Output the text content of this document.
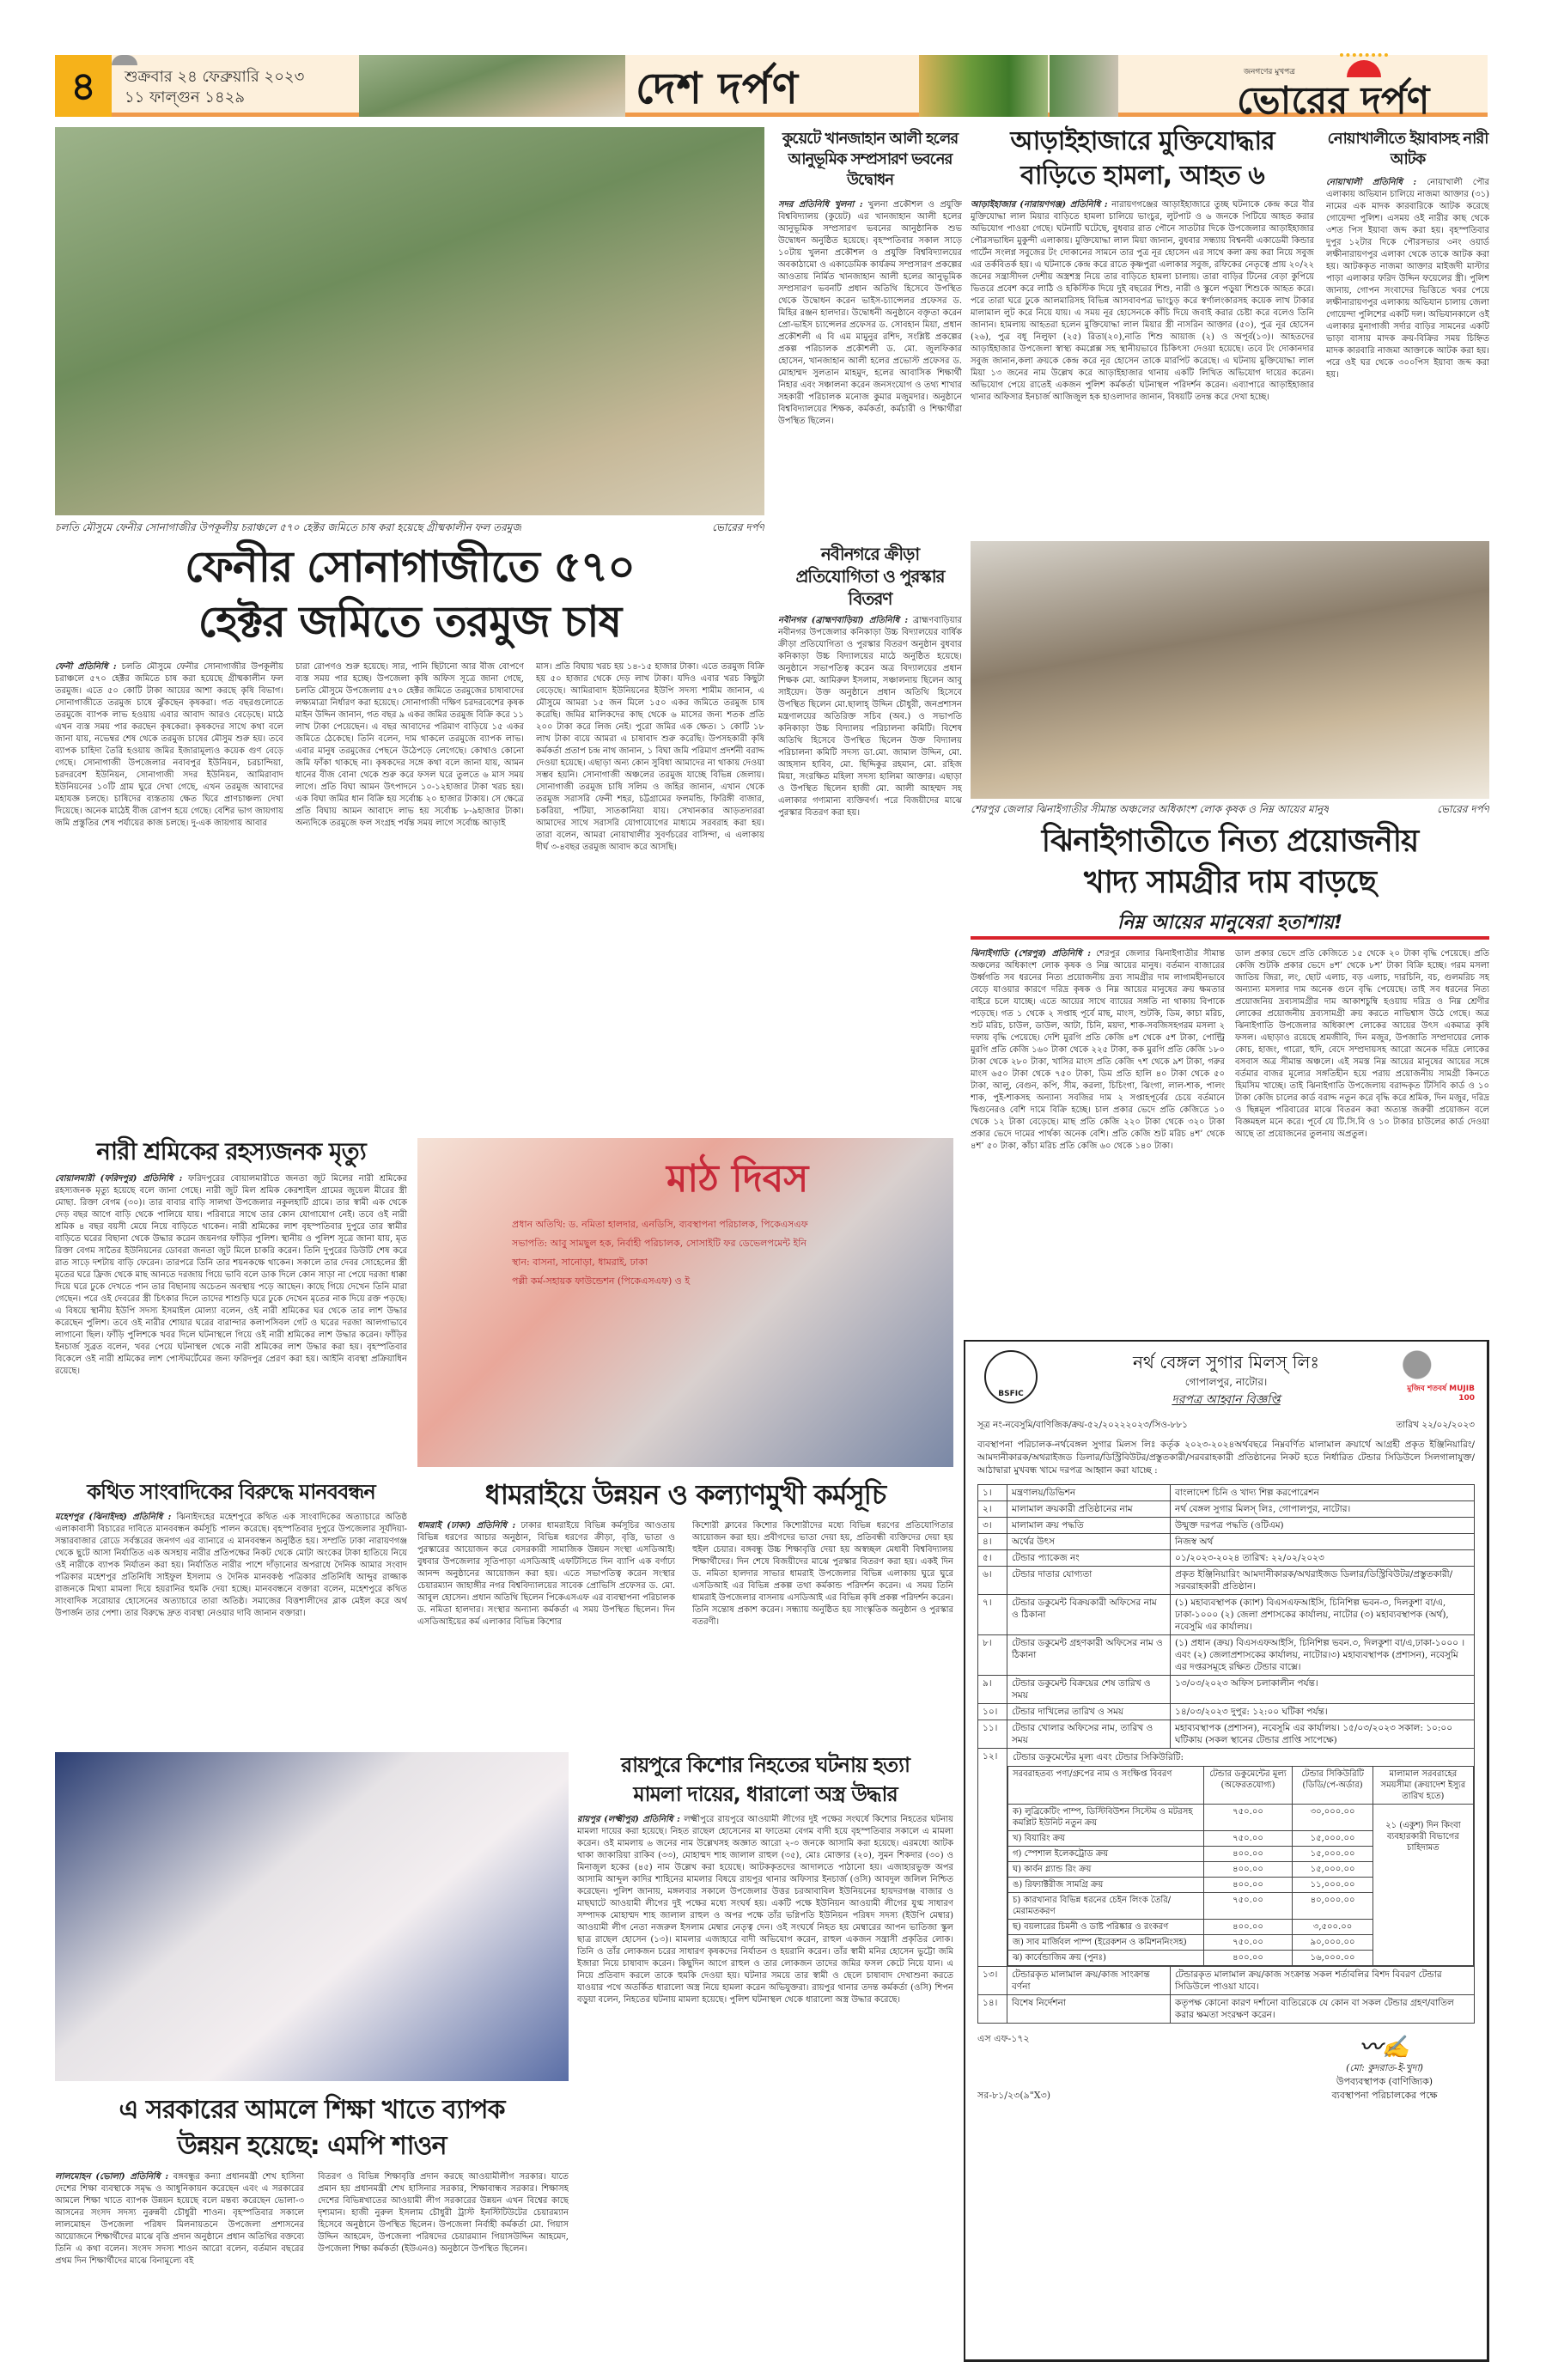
৪	শুক্রবার ২৪ ফেব্রুয়ারি ২০২৩
১১ ফাল্গুন ১৪২৯	দেশ দর্পণ	জনগণের মুখপত্র
ভোরের দর্পণ
চলতি মৌসুমে ফেনীর সোনাগাজীর উপকূলীয় চরাঞ্চলে ৫৭০ হেক্টর জমিতে চাষ করা হয়েছে গ্রীষ্মকালীন ফল তরমুজ	ভোরের দর্পণ
ফেনীর সোনাগাজীতে ৫৭০
হেক্টর জমিতে তরমুজ চাষ
ফেনী প্রতিনিধি : চলতি মৌসুমে ফেনীর সোনাগাজীর উপকূলীয় চরাঞ্চলে ৫৭০ হেক্টর জমিতে চাষ করা হয়েছে গ্রীষ্মকালীন ফল তরমুজ। এতে ৫০ কোটি টাকা আয়ের আশা করছে কৃষি বিভাগ। সোনাগাজীতে তরমুজ চাষে ঝুঁকছেন কৃষকরা। গত বছরগুলোতে তরমুজে ব্যাপক লাভ হওয়ায় এবার আবাদ আরও বেড়েছে। মাঠে এখন ব্যস্ত সময় পার করছেন কৃষকেরা। কৃষকদের সাথে কথা বলে জানা যায়, নভেম্বর শেষ থেকে তরমুজ চাষের মৌসুম শুরু হয়। তবে ব্যাপক চাহিদা তৈরি হওয়ায় জমির ইজারামূল্যও কয়েক গুণ বেড়ে গেছে। সোনাগাজী উপজেলার নবাবপুর ইউনিয়ন, চরচান্দিয়া, চরদরবেশ ইউনিয়ন, সোনাগাজী সদর ইউনিয়ন, আমিরাবাদ ইউনিয়নের ১০টি গ্রাম ঘুরে দেখা গেছে, এখন তরমুজ আবাদের মহাযজ্ঞ চলছে। চাষিদের ব্যস্ততায় ক্ষেত ঘিরে প্রাণচাঞ্চল্য দেখা দিয়েছে। অনেক মাঠেই বীজ রোপণ হয়ে গেছে। বেশির ভাগ জায়গায় জমি প্রস্তুতির শেষ পর্যায়ের কাজ চলছে। দু-এক জায়গায় আবার
চারা রোপণও শুরু হয়েছে। সার, পানি ছিটানো আর বীজ বোপণে ব্যস্ত সময় পার হচ্ছে। উপজেলা কৃষি অফিস সূত্রে জানা গেছে, চলতি মৌসুমে উপজেলায় ৫৭০ হেক্টর জমিতে তরমুজের চাষাবাদের লক্ষ্যমাত্রা নির্ধারণ করা হয়েছে। সোনাগাজী দক্ষিণ চরদরবেশের কৃষক মাইন উদ্দিন জানান, গত বছর ৯ একর জমির তরমুজ বিক্রি করে ১১ লাখ টাকা পেয়েছেন। এ বছর আবাদের পরিমাণ বাড়িয়ে ১৫ একর জমিতে ঠেকেছে। তিনি বলেন, দাম থাকলে তরমুজে ব্যাপক লাভ। এবার মানুষ তরমুজের পেছনে উঠেপড়ে লেগেছে। কোথাও কোনো জমি ফাঁকা থাকছে না। কৃষকদের সঙ্গে কথা বলে জানা যায়, আমন ধানের বীজ বোনা থেকে শুরু করে ফসল ঘরে তুলতে ৬ মাস সময় লাগে। প্রতি বিঘা আমন উৎপাদনে ১০-১২হাজার টাকা খরচ হয়। এক বিঘা জমির ধান বিক্রি হয় সর্বোচ্চ ২০ হাজার টাকায়। সে ক্ষেত্রে প্রতি বিঘায় আমন আবাদে লাভ হয় সর্বোচ্চ ৮-৯হাজার টাকা। অন্যদিকে তরমুজে ফল সংগ্রহ পর্যন্ত সময় লাগে সর্বোচ্চ আড়াই
মাস। প্রতি বিঘায় খরচ হয় ১৪-১৫ হাজার টাকা। এতে তরমুজ বিক্রি হয় ৫০ হাজার থেকে দেড় লাখ টাকা। যদিও এবার খরচ কিছুটা বেড়েছে। আমিরাবাদ ইউনিয়নের ইউপি সদস্য শামীম জানান, এ মৌসুমে আমরা ১৫ জন মিলে ১৫০ একর জমিতে তরমুজ চাষ করেছি। জমির মালিকদের কাছ থেকে ৬ মাসের জন্য শতক প্রতি ২০০ টাকা করে লিজ নেই। পুরো জমির এক ক্ষেত। ১ কোটি ১৮ লাখ টাকা ব্যয়ে আমরা এ চাষাবাদ শুরু করেছি। উপসহকারী কৃষি কর্মকর্তা প্রতাপ চন্দ্র নাথ জানান, ১ বিঘা জমি পরিমাণ প্রদর্শনী বরাদ্দ দেওয়া হয়েছে। এছাড়া অন্য কোন সুবিধা আমাদের না থাকায় দেওয়া সম্ভব হয়নি। সোনাগাজী অঞ্চলের তরমুজ যাচ্ছে বিভিন্ন জেলায়। সোনাগাজী তরমুজ চাষি সলিম ও জহির জানান, এখান থেকে তরমুজ সরাসরি ফেনী শহর, চট্টগ্রামের ফলমন্ডি, ফিরিঙ্গী বাজার, চকরিয়া, পটিয়া, সাতকানিয়া যায়। সেখানকার আড়তদাররা আমাদের সাথে সরাসরি যোগাযোগের মাধ্যমে সরবরাহ করা হয়। তারা বলেন, আমরা নোয়াখালীর সুবর্ণচরের বাসিন্দা, এ এলাকায় দীর্ঘ ৩-৪বছর তরমুজ আবাদ করে আসছি।
কুয়েটে খানজাহান আলী হলের আনুভূমিক সম্প্রসারণ ভবনের উদ্বোধন
সদর প্রতিনিধি খুলনা : খুলনা প্রকৌশল ও প্রযুক্তি বিশ্ববিদ্যালয় (কুয়েট) এর খানজাহান আলী হলের আনুভূমিক সম্প্রসারণ ভবনের আনুষ্ঠানিক শুভ উদ্বোধন অনুষ্ঠিত হয়েছে। বৃহস্পতিবার সকাল সাড়ে ১০টায় খুলনা প্রকৌশল ও প্রযুক্তি বিশ্ববিদ্যালয়ের অবকাঠামো ও একাডেমিক কার্যক্রম সম্প্রসারণ প্রকল্পের আওতায় নির্মিত খানজাহান আলী হলের আনুভূমিক সম্প্রসারণ ভবনটি প্রধান অতিথি হিসেবে উপস্থিত থেকে উদ্বোধন করেন ভাইস-চ্যান্সেলর প্রফেসর ড. মিহির রঞ্জন হালদার। উদ্বোধনী অনুষ্ঠানে বক্তৃতা করেন প্রো-ভাইস চ্যান্সেলর প্রফেসর ড. সোবহান মিয়া, প্রধান প্রকৌশলী এ বি এম মামুনুর রশিদ, সংশ্লিষ্ট প্রকল্পের প্রকল্প পরিচালক প্রকৌশলী ড. মো. জুলফিকার হোসেন, খানজাহান আলী হলের প্রভোস্ট প্রফেসর ড. মোহাম্মদ সুলতান মাহমুদ, হলের আবাসিক শিক্ষার্থী নিহার এবং সঞ্চালনা করেন জনসংযোগ ও তথ্য শাখার সহকারী পরিচালক মনোজ কুমার মজুমদার। অনুষ্ঠানে বিশ্ববিদ্যালয়ের শিক্ষক, কর্মকর্তা, কর্মচারী ও শিক্ষার্থীরা উপস্থিত ছিলেন।
নবীনগরে ক্রীড়া প্রতিযোগিতা ও পুরস্কার বিতরণ
নবীনগর (ব্রাহ্মণবাড়িয়া) প্রতিনিধি : ব্রাহ্মণবাড়িয়ার নবীনগর উপজেলার কনিকাড়া উচ্চ বিদ্যালয়ের বার্ষিক ক্রীড়া প্রতিযোগিতা ও পুরস্কার বিতরণ অনুষ্ঠান বুধবার কনিকাড়া উচ্চ বিদ্যালয়ের মাঠে অনুষ্ঠিত হয়েছে। অনুষ্ঠানে সভাপতিত্ব করেন অত্র বিদ্যালয়ের প্রধান শিক্ষক মো. আমিরুল ইসলাম, সঞ্চালনায় ছিলেন আবু সাইয়েদ। উক্ত অনুষ্ঠানে প্রধান অতিথি হিসেবে উপস্থিত ছিলেন মো.ছালাহ্ উদ্দিন চৌধুরী, জনপ্রশাসন মন্ত্রণালয়ের অতিরিক্ত সচিব (অব.) ও সভাপতি কনিকাড়া উচ্চ বিদ্যালয় পরিচালনা কমিটি। বিশেষ অতিথি হিসেবে উপস্থিত ছিলেন উক্ত বিদ্যালয় পরিচালনা কমিটি সদস্য ডা.মো. জামাল উদ্দিন, মো. আহসান হাবিব, মো. ছিদ্দিকুর রহমান, মো. রহিজ মিয়া, সংরক্ষিত মহিলা সদস্য হালিমা আক্তার। এছাড়া ও উপস্থিত ছিলেন হাজী মো. আলী আহম্মদ সহ এলাকার গণ্যমান্য ব্যক্তিবর্গ। পরে বিজয়ীদের মাঝে পুরস্কার বিতরণ করা হয়।
আড়াইহাজারে মুক্তিযোদ্ধার
বাড়িতে হামলা, আহত ৬
আড়াইহাজার (নারায়ণগঞ্জ) প্রতিনিধি : নারায়ণগঞ্জের আড়াইহাজারে তুচ্ছ ঘটনাকে কেন্দ্র করে বীর মুক্তিযোদ্ধা লাল মিয়ার বাড়িতে হামলা চালিয়ে ভাংচুর, লুটপাট ও ৬ জনকে পিটিয়ে আহত করার অভিযোগ পাওয়া গেছে। ঘটনাটি ঘটেছে, বুধবার রাত পৌনে সাতটার দিকে উপজেলার আড়াইহাজার পৌরসভাধিন মুকুন্দী এলাকায়। মুক্তিযোদ্ধা লাল মিয়া জানান, বুধবার সন্ধ্যায় বিশ্বনবী একাডেমী কিন্ডার গার্টেন সংলগ্ন সবুজের টং দোকানের সামনে তার পুত্র নূর হোসেন এর সাথে কলা ক্রয় করা নিয়ে সবুজ এর তর্কবিতর্ক হয়। এ ঘটনাকে কেন্দ্র করে রাতে কৃষ্ণপুরা এলাকার সবুজ, রফিকের নেতৃত্বে প্রায় ২০/২২ জনের সন্ত্রাসীদল দেশীয় অস্ত্রশস্ত্র নিয়ে তার বাড়িতে হামলা চালায়। তারা বাড়ির টিনের বেড়া কুপিয়ে ভিতরে প্রবেশ করে লাঠি ও হকিস্টিক দিয়ে দুই বছরের শিশু, নারী ও স্কুলে পড়ুয়া শিশুকে আহত করে। পরে তারা ঘরে ঢুকে আলমারিসহ বিভিন্ন আসবাবপত্র ভাংচুড় করে স্বর্ণালংকারসহ কয়েক লাখ টাকার মালামাল লুট করে নিয়ে যায়। এ সময় নূর হোসেনকে কাঁচি দিয়ে জবাই করার চেষ্টা করে বলেও তিনি জানান। হামলায় আহতরা হলেন মুক্তিযোদ্ধা লাল মিয়ার স্ত্রী নাসরিন আক্তার (৫০), পুত্র নূর হোসেন (২৬), পুত্র বধূ নিলুফা (২৫) রিতা(২০),নাতি শিশু আয়াজ (২) ও অপূর্ব(১৩)। আহতদের আড়াইহাজার উপজেলা স্বাস্থ্য কমপ্লেক্স সহ স্থানীয়ভাবে চিকিৎসা দেওয়া হয়েছে। তবে টং দোকানদার সবুজ জানান,কলা ক্রয়কে কেন্দ্র করে নূর হোসেন তাকে মারপিট করেছে। এ ঘটনায় মুক্তিযোদ্ধা লাল মিয়া ১৩ জনের নাম উল্লেখ করে আড়াইহাজার থানায় একটি লিখিত অভিযোগ দায়ের করেন। অভিযোগ পেয়ে রাতেই একজন পুলিশ কর্মকর্তা ঘটনাস্থল পরিদর্শন করেন। এব্যাপারে আড়াইহাজার থানার অফিসার ইনচার্জ আজিজুল হক হাওলাদার জানান, বিষয়টি তদন্ত করে দেখা হচ্ছে।
নোয়াখালীতে ইয়াবাসহ নারী আটক
নোয়াখালী প্রতিনিধি : নোয়াখালী পৌর এলাকায় অভিযান চালিয়ে নাজমা আক্তার (৩১) নামের এক মাদক কারবারিকে আটক করেছে গোয়েন্দা পুলিশ। এসময় ওই নারীর কাছ থেকে ৩শত পিস ইয়াবা জব্দ করা হয়। বৃহস্পতিবার দুপুর ১২টার দিকে পৌরসভার ৩নং ওয়ার্ড লক্ষীনারায়ণপুর এলাকা থেকে তাকে আটক করা হয়। আটককৃত নাজমা আক্তার মাইজদী মাস্টার পাড়া এলাকার ফরিদ উদ্দিন ফয়েলের স্ত্রী। পুলিশ জানায়, গোপন সংবাদের ভিত্তিতে খবর পেয়ে লক্ষীনারায়ণপুর এলাকায় অভিযান চালায় জেলা গোয়েন্দা পুলিশের একটি দল। অভিযানকালে ওই এলাকার মুনাগাজী সর্দার বাড়ির সামনের একটি ভাড়া বাসায় মাদক ক্রয়-বিক্রির সময় চিহ্নিত মাদক কারবারি নাজমা আক্তাকে আটক করা হয়। পরে ওই ঘর থেকে ৩০০পিস ইয়াবা জব্দ করা হয়।
শেরপুর জেলার ঝিনাইগাতীর সীমান্ত অঞ্চলের অধিকাংশ লোক কৃষক ও নিম্ন আয়ের মানুষ	ভোরের দর্পণ
ঝিনাইগাতীতে নিত্য প্রয়োজনীয়
খাদ্য সামগ্রীর দাম বাড়ছে
নিম্ন আয়ের মানুষেরা হতাশায়!
ঝিনাইগাতি (শেরপুর) প্রতিনিধি : শেরপুর জেলার ঝিনাইগাতীর সীমান্ত অঞ্চলের অধিকাংশ লোক কৃষক ও নিম্ন আয়ের মানুষ। বর্তমান বাজারের উর্ধ্বগতি সব ধরনের নিত্য প্রয়োজনীয় দ্রব্য সামগ্রীর দাম লাগামহীনভাবে বেড়ে যাওয়ার কারণে দরিদ্র কৃষক ও নিম্ন আয়ের মানুষের ক্রয় ক্ষমতার বাইরে চলে যাচ্ছে। এতে আয়ের সাথে ব্যায়ের সঙ্গতি না থাকায় বিপাকে পড়েছে। গত ১ থেকে ২ সপ্তাহ পূর্বে মাছ, মাংস, শুটকি, ডিম, কাচা মরিচ, শুট মরিচ, চাউল, ডাউল, আটা, চিনি, ময়দা, শাক-সবজিসহগরম মসলা ২ দফায় বৃদ্ধি পেয়েছে। দেশি মুরগি প্রতি কেজি ৪শ থেকে ৫শ টাকা, পোল্ট্রি মুরগি প্রতি কেজি ১৬০ টাকা থেকে ২২৫ টাকা, কক মুরগি প্রতি কেজি ১৮০ টাকা থেকে ২৮০ টাকা, খাসির মাংস প্রতি কেজি ৭শ থেকে ৯শ টাকা, গরুর মাংস ৬৫০ টাকা থেকে ৭৫০ টাকা, ডিম প্রতি হালি ৪০ টাকা থেকে ৫০ টাকা, আলু, বেগুন, কপি, সীম, করলা, চিচিংগা, ঝিংগা, লাল-শাক, পালং শাক, পুই-শাকসহ অন্যান্য সবজির দাম ২ সপ্তাহপূর্বের চেয়ে বর্তমানে দ্বিগুনেরও বেশি দামে বিক্রি হচ্ছে। চাল প্রকার ভেদে প্রতি কেজিতে ১০ থেকে ১২ টাকা বেড়েছে। মাছ প্রতি কেজি ২২০ টাকা থেকে ৩২০ টাকা প্রকার ভেদে দামের পার্থক্য অনেক বেশি। প্রতি কেজি শুট মরিচ ৪শ’ থেকে ৪শ’ ৫০ টাকা, কাঁচা মরিচ প্রতি কেজি ৬০ থেকে ১৪০ টাকা।
ডাল প্রকার ভেদে প্রতি কেজিতে ১৫ থেকে ২০ টাকা বৃদ্ধি পেয়েছে। প্রতি কেজি শুটকি প্রকার ভেদে ৪শ’ থেকে ৮শ’ টাকা বিক্রি হচ্ছে। গরম মসলা জাতিয় জিরা, লং, ছোট এলাচ, বড় এলাচ, দারচিনি, বচ, গুলমরিচ সহ অন্যান্য মসলার দাম অনেক গুনে বৃদ্ধি পেয়েছে। তাই সব ধরনের নিত্য প্রয়োজনিয় দ্রব্যসামগ্রীর দাম আকাশচুম্বি হওয়ায় দরিদ্র ও নিম্ন শ্রেণীর লোকের প্রয়োজনীয় দ্রব্যসামগ্রী ক্রয় করতে নাভিশ্বাস উঠে গেছে। অত্র ঝিনাইগাতি উপজেলার অধিকাংশ লোকের আয়ের উৎস একমাত্র কৃষি ফসল। এছাড়াও রয়েছে শ্রমজীবি, দিন মজুর, উপজাতি সম্প্রদায়ের লোক কোচ, হাজং, গারো, হুদি, বেদে সম্প্রদায়সহ আরো অনেক দরিদ্র লোকের বসবাস অত্র সীমান্ত অঞ্চলে। এই সমস্ত নিম্ন আয়ের মানুষের আয়ের সঙ্গে বর্তমার বাজর মূল্যের সঙ্গতিহীন হয়ে পরায় প্রয়োজনীয় সামগ্রী কিনতে হিমসিম খাচ্ছে। তাই ঝিনাইগাতি উপজেলায় বরাদ্দকৃত টিসিবি কার্ড ও ১০ টাকা কেজি চালের কার্ড বরাদ্দ নতুন করে বৃদ্ধি করে শ্রমিক, দিন মজুর, দরিদ্র ও ছিন্নমূল পরিবারের মাঝে বিতরন করা অত্যন্ত জরুরী প্রয়োজন বলে বিজ্ঞমহল মনে করে। পূর্বে যে টি.সি.বি ও ১০ টাকার চাউলের কার্ড দেওয়া আছে তা প্রয়োজনের তুলনায় অপ্রতুল।
নারী শ্রমিকের রহস্যজনক মৃত্যু
বোয়ালমারী (ফরিদপুর) প্রতিনিধি : ফরিদপুরের বোয়ালমারীতে জনতা জুট মিলের নারী শ্রমিকের রহস্যজনক মৃত্যু হয়েছে বলে জানা গেছে। নারী জুট মিল শ্রমিক কেরশাইল গ্রামের জুয়েল মীরের স্ত্রী মোছা. রিক্তা বেগম (৩০)। তার বাবার বাড়ি সালথা উপজেলার নকুলহাটি গ্রামে। তার স্বামী এক থেকে দেড় বছর আগে বাড়ি থেকে পালিয়ে যায়। পরিবারে সাথে তার কোন যোগাযোগ নেই। তবে ওই নারী শ্রমিক ৪ বছর বয়সী মেয়ে নিয়ে বাড়িতে থাকেন। নারী শ্রমিকের লাশ বৃহস্পতিবার দুপুরে তার স্বামীর বাড়িতে ঘরের বিছানা থেকে উদ্ধার করেন জয়নগর ফাঁড়ির পুলিশ। স্থানীয় ও পুলিশ সূত্রে জানা যায়, মৃত রিক্তা বেগম সাতৈর ইউনিয়নের ডোবরা জনতা জুট মিলে চাকরি করেন। তিনি দুপুরের ডিউটি শেষ করে রাত সাড়ে দশটায় বাড়ি ফেরেন। তারপরে তিনি তার শয়নকক্ষে থাকেন। সকালে তার দেবর সোহেলের স্ত্রী মৃতের ঘরে ফ্রিজ থেকে মাছ আনতে দরজায় গিয়ে ভাবি বলে ডাক দিলে কোন সাড়া না পেয়ে দরজা ধাক্কা দিয়ে ঘরে ঢুকে দেখতে পান তার বিছানায় অচেতন অবস্থায় পড়ে আছেন। কাছে গিয়ে দেখেন তিনি মারা গেছেন। পরে ওই দেবরের স্ত্রী চিৎকার দিলে তাদের শাশুড়ি ঘরে ঢুকে দেখেন মৃতের নাক দিয়ে রক্ত পড়ছে। এ বিষয়ে স্থানীয় ইউপি সদস্য ইসমাইল মোল্যা বলেন, ওই নারী শ্রমিকের ঘর থেকে তার লাশ উদ্ধার করেছেন পুলিশ। তবে ওই নারীর শোয়ার ঘরের বারান্দার কলাপসিবল গেট ও ঘরের দরজা আলগাভাবে লাগানো ছিল। ফাঁড়ি পুলিশকে খবর দিলে ঘটনাস্থলে গিয়ে ওই নারী শ্রমিকের লাশ উদ্ধার করেন। ফাঁড়ির ইনচার্জ সুব্রত বলেন, খবর পেয়ে ঘটনাস্থল থেকে নারী শ্রমিকের লাশ উদ্ধার করা হয়। বৃহস্পতিবার বিকেলে ওই নারী শ্রমিকের লাশ পোস্টমর্টেমের জন্য ফরিদপুর প্রেরণ করা হয়। আইনি ব্যবস্থা প্রক্রিয়াধিন রয়েছে।
মাঠ দিবস
প্রধান অতিথি: ড. নমিতা হালদার, এনডিসি, ব্যবস্থাপনা পরিচালক, পিকেএসএফ
সভাপতি: আবু সামছুল হক, নির্বাহী পরিচালক, সোসাইটি ফর ডেভেলপমেন্ট ইনি
স্থান: বাসনা, সানোড়া, ধামরাই, ঢাকা
পল্লী কর্ম-সহায়ক ফাউন্ডেশন (পিকেএসএফ) ও ই
কথিত সাংবাদিকের বিরুদ্ধে মানববন্ধন
মহেশপুর (ঝিনাইদহ) প্রতিনিধি : ঝিনাইদহের মহেশপুরে কথিত এক সাংবাদিকের অত্যাচারে অতিষ্ঠ এলাকাবাসী বিচারের দাবিতে মানববন্ধন কর্মসূচি পালন করেছে। বৃহস্পতিবার দুপুরে উপজেলার সূর্যদিয়া-সন্তারবাজার রোডে সর্বস্তরের জনগণ এর ব্যানারে এ মানববন্ধন অনুষ্ঠিত হয়। সম্প্রতি ঢাকা নারায়ণগঞ্জ থেকে ছুটে আসা নির্যাতিত এক অসহায় নারীর প্রতিপক্ষের নিকট থেকে মোটা অংকের টাকা হাতিয়ে নিয়ে ওই নারীকে ব্যাপক নির্যাতন করা হয়। নির্যাতিত নারীর পাশে দাঁড়ানোর অপরাধে দৈনিক আমার সংবাদ পত্রিকার মহেশপুর প্রতিনিধি সাইফুল ইসলাম ও দৈনিক মানবকণ্ঠ পত্রিকার প্রতিনিধি আব্দুর রাজ্জাক রাজনকে মিথ্যা মামলা দিয়ে হয়রানির হুমকি দেয়া হচ্ছে। মানববন্ধনে বক্তারা বলেন, মহেশপুরে কথিত সাংবাদিক সরোয়ার হোসেনের অত্যাচারে তারা অতিষ্ঠ। সমাজের বিত্তশালীদের ব্লাক মেইল করে অর্থ উপার্জন তার পেশা। তার বিরুদ্ধে দ্রুত ব্যবস্থা নেওয়ার দাবি জানান বক্তারা।
ধামরাইয়ে উন্নয়ন ও কল্যাণমুখী কর্মসূচি
ধামরাই (ঢাকা) প্রতিনিধি : ঢাকার ধামরাইয়ে বিভিন্ন কর্মসূচির আওতায় বিভিন্ন ধরণের আচার অনুষ্ঠান, বিভিন্ন ধরণের ক্রীড়া, বৃত্তি, ভাতা ও পুরস্কারের আয়োজন করে বেসরকারী সামাজিক উন্নয়ন সংস্থা এসডিআই। বুধবার উপজেলার সূতিপাড়া এসডিআই এফটিসিতে দিন ব্যাপি এক বর্ণাঢ্য আনন্দ অনুষ্ঠানের আয়োজন করা হয়। এতে সভাপতিত্ব করেন সংস্থার চেয়ারম্যান জাহাঙ্গীর নগর বিশ্ববিদ্যালয়ের সাবেক প্রোভিসি প্রফেসর ড. মো. আবুল হোসেন। প্রধান অতিথি ছিলেন পিকেএসএফ এর ব্যবস্থাপনা পরিচালক ড. নমিতা হালদার। সংস্থার অন্যান্য কর্মকর্তা এ সময় উপস্থিত ছিলেন। দিন এসডিআইয়ের কর্ম এলাকার বিভিন্ন কিশোর
কিশোরী ক্লাবের কিশোর কিশোরীদের মধ্যে বিভিন্ন ধরণের প্রতিযোগিতার আয়োজন করা হয়। প্রবীণদের ভাতা দেয়া হয়, প্রতিবন্ধী ব্যক্তিদের দেয়া হয় হুইল চেয়ার। বঙ্গবন্ধু উচ্চ শিক্ষাবৃত্তি দেয়া হয় অস্বচ্ছল মেধাবী বিশ্ববিদ্যালয় শিক্ষার্থীদের। দিন শেষে বিজয়ীদের মাঝে পুরস্কার বিতরণ করা হয়। একই দিন ড. নমিতা হালদার সাভার ধামরাই উপজেলার বিভিন্ন এলাকায় ঘুরে ঘুরে এসডিআই এর বিভিন্ন প্রকল্প তথা কর্মকান্ড পরিদর্শন করেন। এ সময় তিনি ধামরাই উপজেলার বাসনায় এসডিআই এর বিভিন্ন কৃষি প্রকল্প পরিদর্শন করেন। তিনি সন্তোষ প্রকাশ করেন। সন্ধ্যায় অনুষ্ঠিত হয় সাংস্কৃতিক অনুষ্ঠান ও পুরস্কার বতরণী।
রায়পুরে কিশোর নিহতের ঘটনায় হত্যা
মামলা দায়ের, ধারালো অস্ত্র উদ্ধার
রায়পুর (লক্ষ্মীপুর) প্রতিনিধি : লক্ষ্মীপুরে রায়পুরে আওয়ামী লীগের দুই পক্ষের সংঘর্ষে কিশোর নিহতের ঘটনায় মামলা দায়ের করা হয়েছে। নিহত রাছেল হোসেনের মা ফাতেমা বেগম বাদী হয়ে বৃহস্পতিবার সকালে এ মামলা করেন। ওই মামলায় ৬ জনের নাম উল্লেখসহ অজ্ঞাত আরো ২-৩ জনকে আসামি করা হয়েছে। এরমধ্যে আটক থাকা জাকারিয়া রাকিব (৩৩), মোহাম্মদ শাহ জালাল রাহুল (৩৫), মোঃ মোক্তার (২০), সুমন শিকদার (৩০) ও মিনাজুল হকের (৪৫) নাম উল্লেখ করা হয়েছে। আটককৃতদের আদালতে পাঠানো হয়। এজাহারভুক্ত অপর আসামি আব্দুল কাদির শাহিনের মামলার বিষয়ে রায়পুর থানার অফিসার ইনচার্জ (ওসি) আবদুল জলিল নিশ্চিত করেছেন। পুলিশ জানায়, মঙ্গলবার সকালে উপজেলার উত্তর চরআবাবিল ইউনিয়নের হায়দরগঞ্জ বাজার ও মাছঘাটে আওয়ামী লীগের দুই পক্ষের মধ্যে সংঘর্ষ হয়। একটি পক্ষে ইউনিয়ন আওয়ামী লীগের যুগ্ম সাধারণ সম্পাদক মোহাম্মদ শাহ জালাল রাহুল ও অপর পক্ষে তাঁর ভগ্নিপতি ইউনিয়ন পরিষদ সদস্য (ইউপি মেম্বার) আওয়ামী লীগ নেতা নজরুল ইসলাম মেম্বার নেতৃত্ব দেন। ওই সংঘর্ষে নিহত হয় মেম্বারের আপন ভাতিজা স্কুল ছাত্র রাছেল হোসেন (১৩)। মামলার এজাহারে বাদী অভিযোগ করেন, রাহুল একজন সন্ত্রাসী প্রকৃতির লোক। তিনি ও তাঁর লোকজন চরের সাধারণ কৃষকদের নির্যাতন ও হয়রানি করেন। তাঁর স্বামী মনির হোসেন ভুট্টো জমি ইজারা নিয়ে চাষাবাদ করেন। কিছুদিন আগে রাহুল ও তার লোকজন তাদের জমির ফসল কেটে নিয়ে যান। এ নিয়ে প্রতিবাদ করলে তাকে হুমকি দেওয়া হয়। ঘটনার সময়ে তার স্বামী ও ছেলে চাষাবাদ দেখাশুনা করতে যাওয়ার পথে অতর্কিত ধারালো অস্ত্র নিয়ে হামলা করেন অভিযুক্তরা। রায়পুর থানার তদন্ত কর্মকর্তা (ওসি) শিপন বড়ুয়া বলেন, নিহতের ঘটনায় মামলা হয়েছে। পুলিশ ঘটনাস্থল থেকে ধারালো অস্ত্র উদ্ধার করেছে।
এ সরকারের আমলে শিক্ষা খাতে ব্যাপক
উন্নয়ন হয়েছে: এমপি শাওন
লালমোহন (ভোলা) প্রতিনিধি : বঙ্গবন্ধুর কন্যা প্রধানমন্ত্রী শেখ হাসিনা দেশের শিক্ষা ব্যবস্থাকে সমৃদ্ধ ও আধুনিকায়ন করেছেন এবং এ সরকারের আমলে শিক্ষা খাতে ব্যাপক উন্নয়ন হয়েছে বলে মন্তব্য করেছেন ভোলা-৩ আসনের সংসদ সদস্য নুরুন্নবী চৌধুরী শাওন। বৃহস্পতিবার সকালে লালমোহন উপজেলা পরিষদ মিলনায়তনে উপজেলা প্রশাসনের আয়োজনে শিক্ষার্থীদের মাঝে বৃত্তি প্রদান অনুষ্ঠানে প্রধান অতিথির বক্তব্যে তিনি এ কথা বলেন। সংসদ সদস্য শাওন আরো বলেন, বর্তমান বছরের প্রথম দিন শিক্ষার্থীদের মাঝে বিনামূল্যে বই
বিতরণ ও বিভিন্ন শিক্ষাবৃত্তি প্রদান করছে আওয়ামীলীগ সরকার। যাতে প্রমান হয় প্রধানমন্ত্রী শেখ হাসিনার সরকার, শিক্ষাবান্ধব সরকার। শিক্ষাসহ দেশের বিভিন্নখাতের আওয়ামী লীগ সরকারের উন্নয়ন এখন বিশ্বের কাছে দৃশ্যমান। হাজী নুরুল ইসলাম চৌধুরী ট্রাস্ট ইনস্টিটিউটের চেয়ারম্যান হিসেবে অনুষ্ঠানে উপস্থিত ছিলেন। উপজেলা নির্বাহী কর্মকর্তা মো. গিয়াস উদ্দিন আহমেদ, উপজেলা পরিষদের চেয়ারম্যান গিয়াসউদ্দিন আহমেদ, উপজেলা শিক্ষা কর্মকর্তা (ইউএনও) অনুষ্ঠানে উপস্থিত ছিলেন।
BSFIC
মুজিব শতবর্ষ MUJIB 100
নর্থ বেঙ্গল সুগার মিলস্ লিঃ
গোপালপুর, নাটোর।
দরপত্র আহ্বান বিজ্ঞপ্তি
সূত্র নং-নবেসুমি/বাণিজিক/ক্রয়-৫২/২০২২২০২৩/সিও-৮৮১	তারিখ ২২/০২/২০২৩
ব্যবস্থাপনা পরিচালক-নর্থবেঙ্গল সুগার মিলস লিঃ কর্তৃক ২০২৩-২০২৪অর্থবছরে নিম্নবর্ণিত মালামাল ক্রয়ার্থে আগ্রহী প্রকৃত ইঞ্জিনিয়ারিং/আমদানীকারক/অথরাইজড ডিলার/ডিস্ট্রিবিউটর/প্রস্তুতকারী/সরবরাহকারী প্রতিষ্ঠানের নিকট হতে নির্ধারিত টেন্ডার সিডিউলে সিলগালাযুক্ত/আঠাদ্বারা মুখবন্ধ খামে দরপত্র আহ্বান করা যাচ্ছে :
১।	মন্ত্রণালয়/ডিভিশন	বাংলাদেশ চিনি ও খাদ্য শিল্প করপোরেশন
২।	মালামাল ক্রয়কারী প্রতিষ্ঠানের নাম	নর্থ বেঙ্গল সুগার মিলস্ লিঃ, গোপালপুর, নাটোর।
৩।	মালামাল ক্রয় পদ্ধতি	উন্মুক্ত দরপত্র পদ্ধতি (ওটিএম)
৪।	অর্থের উৎস	নিজস্ব অর্থ
৫।	টেন্ডার প্যাকেজ নং	০১/২০২৩-২০২৪ তারিখ: ২২/০২/২০২৩
৬।	টেন্ডার দাতার যোগ্যতা	প্রকৃত ইঞ্জিনিয়ারিং আমদানীকারক/অথরাইজড ডিলার/ডিস্ট্রিবিউটর/প্রস্তুতকারী/সরবরাহকারী প্রতিষ্ঠান।
৭।	টেন্ডার ডকুমেন্ট বিক্রয়কারী অফিসের নাম ও ঠিকানা	(১) মহাব্যবস্থাপক (ক্যাশ) বিএসএফআইসি, চিনিশিল্প ভবন-৩, দিলকুশা বা/এ, ঢাকা-১০০০ (২) জেলা প্রশাসকের কার্যালয়, নাটোর (৩) মহাব্যবস্থাপক (অর্থ), নবেসুমি এর কার্যালয়।
৮।	টেন্ডার ডকুমেন্ট গ্রহণকারী অফিসের নাম ও ঠিকানা	(১) প্রধান (ক্রয়) বিএসএফআইসি, চিনিশিল্প ভবন.৩, দিলকুশা বা/এ,ঢাকা-১০০০ ।এবং (২) জেলাপ্রশাসকের কার্যালয়, নাটোর।৩) মহাব্যবস্থাপক (প্রশাসন), নবেসুমি এর দপ্তরসমূহে রক্ষিত টেন্ডার বাক্সে।
৯।	টেন্ডার ডকুমেন্ট বিক্রয়ের শেষ তারিখ ও সময়	১৩/০৩/২০২৩ অফিস চলাকালীন পর্যন্ত।
১০।	টেন্ডার দাখিলের তারিখ ও সময়	১৪/০৩/২০২৩ দুপুর: ১২:০০ ঘটিকা পর্যন্ত।
১১।	টেন্ডার খোলার অফিসের নাম, তারিখ ও সময়	মহাব্যবস্থাপক (প্রশাসন), নবেসুমি এর কার্যালয়। ১৫/০৩/২০২৩ সকাল: ১০:০০ ঘটিকায় (সকল স্থানের টেন্ডার প্রাপ্তি সাপেক্ষে)
১২।	টেন্ডার ডকুমেন্টের মূল্য এবং টেন্ডার সিকিউরিটি:
সরবরাহতব্য পণ্য/গ্রুপের নাম ও সংক্ষিপ্ত বিবরণ	টেন্ডার ডকুমেন্টের মূল্য (অফেরতযোগ্য)	টেন্ডার সিকিউরিটি (ডিডি/পে-অর্ডার)	মালামাল সরবরাহের সময়সীমা (ক্রয়াদেশ ইস্যুর তারিখ হতে)
ক) লুব্রিকেটিং পাম্প, ডিস্টিবিউশন সিস্টেম ও মটরসহ কমপ্লিট ইউনিট নতুন ক্রয়	৭৫০.০০	৩০,০০০.০০	২১ (একুশ) দিন কিংবা ব্যবহারকারী বিভাগের চাহিদামত
খ) বিয়ারিং ক্রয়	৭৫০.০০	১৫,০০০.০০
গ) স্পেশাল ইলেকট্রোড ক্রয়	৪০০.০০	১৫,০০০.০০
ঘ) কার্বন গ্ল্যান্ড রিং ক্রয়	৪০০.০০	১৫,০০০.০০
ঙ) রিফ্যাক্টরীজ সামগ্রি ক্রয়	৪০০.০০	১১,০০০.০০
চ) কারখানার বিভিন্ন ধরনের চেইন লিংক তৈরি/মেরামতকরণ	৭৫০.০০	৪০,০০০.০০
ছ) বয়লারের চিমনী ও ডাষ্ট পরিষ্কার ও রংকরণ	৪০০.০০	৩,৫০০.০০
জ) সাব মার্জিবল পাম্প (ইরেকশন ও কমিশননিংসহ)	৭৫০.০০	৯০,০০০.০০
ঝ) কার্বেন্ডাজিম ক্রয় (পুনঃ)	৪০০.০০	১৬,০০০.০০

১৩।	টেন্ডারকৃত মালামাল ক্রয়/কাজ সাংক্রান্ত বর্ণনা	টেন্ডারকৃত মালামাল ক্রয়/কাজ সংক্রান্ত সকল শর্তাবলির বিশদ বিবরণ টেন্ডার সিডিউলে পাওয়া যাবে।
১৪।	বিশেষ নির্দেশনা	কতৃপক্ষ কোনো কারণ দর্শানো ব্যতিরেকে যে কোন বা সকল টেন্ডার গ্রহণ/বাতিল করার ক্ষমতা সংরক্ষণ করেন।
এস এফ-১৭২
সর-৮১/২৩(৯"X৩)
〰✍
(মো: কুদরাত-ই-খুদা)
উপব্যবস্থাপক (বাণিজ্যিক)
ব্যবস্থাপনা পরিচালকের পক্ষে
